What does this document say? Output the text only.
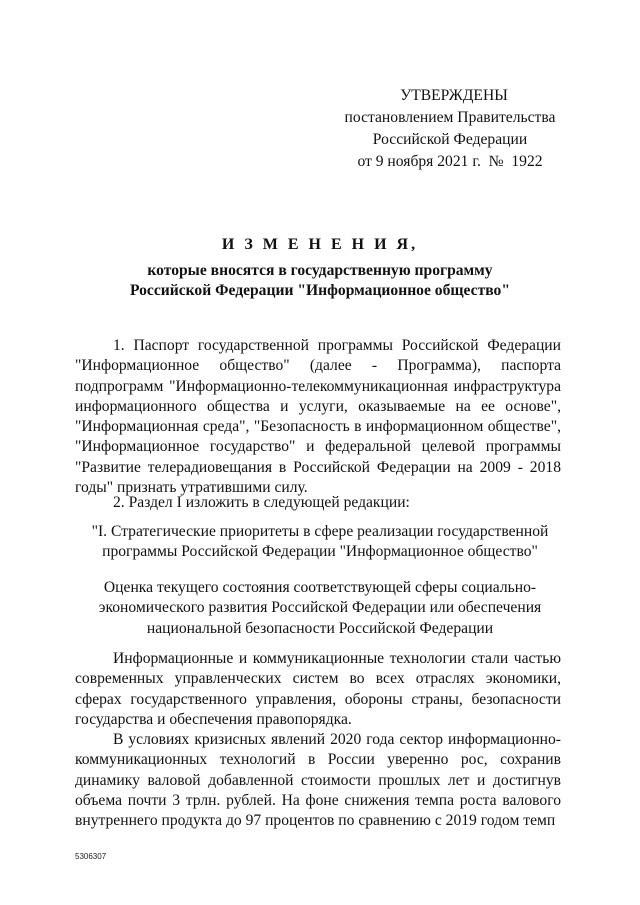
УТВЕРЖДЕНЫ
постановлением Правительства
Российской Федерации
от 9 ноября 2021 г.  №  1922
И З М Е Н Е Н И Я,
которые вносятся в государственную программу
Российской Федерации "Информационное общество"

1. Паспорт государственной программы Российской Федерации "Информационное общество" (далее - Программа), паспорта подпрограмм "Информационно-телекоммуникационная инфраструктура информационного общества и услуги, оказываемые на ее основе", "Информационная среда", "Безопасность в информационном обществе", "Информационное государство" и федеральной целевой программы "Развитие телерадиовещания в Российской Федерации на 2009 - 2018 годы" признать утратившими силу.

2. Раздел I изложить в следующей редакции:

"I. Стратегические приоритеты в сфере реализации государственной программы Российской Федерации "Информационное общество"

Оценка текущего состояния соответствующей сферы социально-экономического развития Российской Федерации или обеспечения национальной безопасности Российской Федерации

Информационные и коммуникационные технологии стали частью современных управленческих систем во всех отраслях экономики, сферах государственного управления, обороны страны, безопасности государства и обеспечения правопорядка.

В условиях кризисных явлений 2020 года сектор информационно-коммуникационных технологий в России уверенно рос, сохранив динамику валовой добавленной стоимости прошлых лет и достигнув объема почти 3 трлн. рублей. На фоне снижения темпа роста валового внутреннего продукта до 97 процентов по сравнению с 2019 годом темп

5306307
